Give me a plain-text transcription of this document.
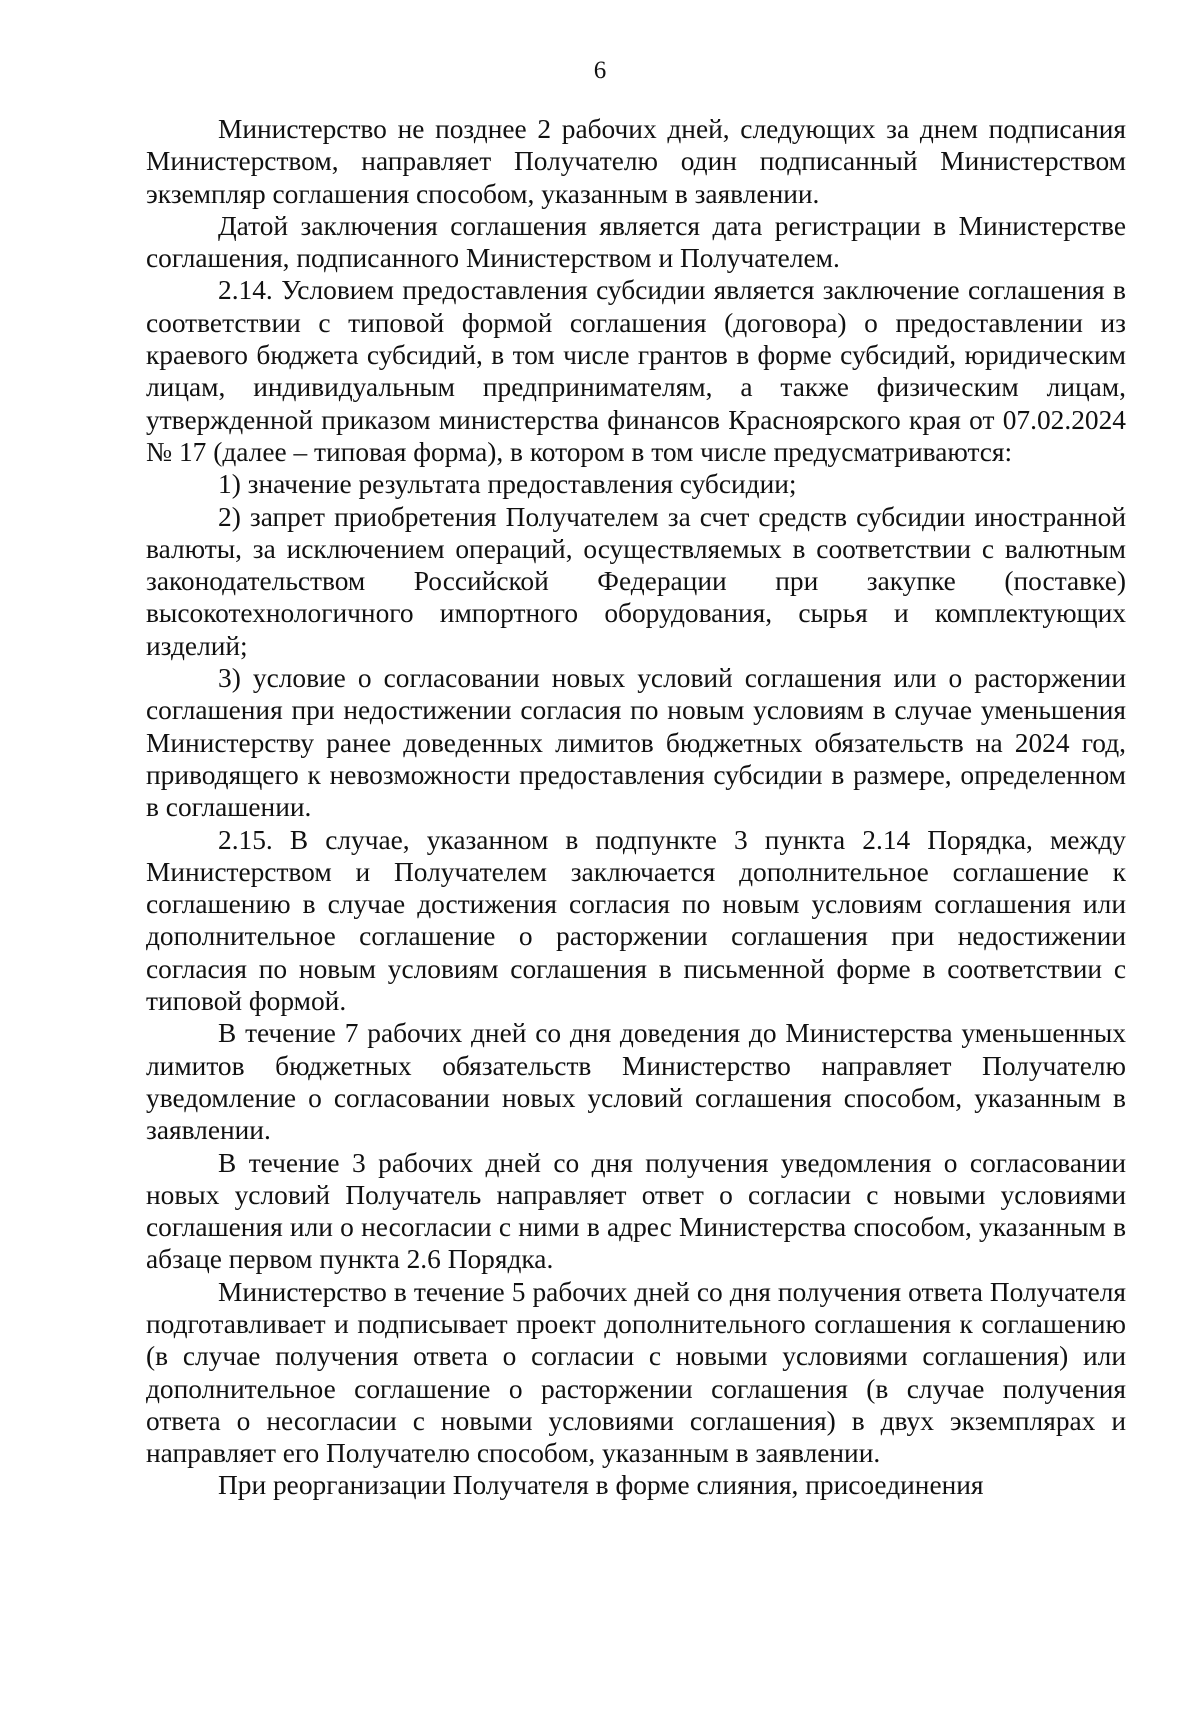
6

Министерство не позднее 2 рабочих дней, следующих за днем подписания Министерством, направляет Получателю один подписанный Министерством экземпляр соглашения способом, указанным в заявлении.

Датой заключения соглашения является дата регистрации в Министерстве соглашения, подписанного Министерством и Получателем.

2.14. Условием предоставления субсидии является заключение соглашения в соответствии с типовой формой соглашения (договора) о предоставлении из краевого бюджета субсидий, в том числе грантов в форме субсидий, юридическим лицам, индивидуальным предпринимателям, а также физическим лицам, утвержденной приказом министерства финансов Красноярского края от 07.02.2024 № 17 (далее – типовая форма), в котором в том числе предусматриваются:

1) значение результата предоставления субсидии;

2) запрет приобретения Получателем за счет средств субсидии иностранной валюты, за исключением операций, осуществляемых в соответствии с валютным законодательством Российской Федерации при закупке (поставке) высокотехнологичного импортного оборудования, сырья и комплектующих изделий;

3) условие о согласовании новых условий соглашения или о расторжении соглашения при недостижении согласия по новым условиям в случае уменьшения Министерству ранее доведенных лимитов бюджетных обязательств на 2024 год, приводящего к невозможности предоставления субсидии в размере, определенном в соглашении.

2.15. В случае, указанном в подпункте 3 пункта 2.14 Порядка, между Министерством и Получателем заключается дополнительное соглашение к соглашению в случае достижения согласия по новым условиям соглашения или дополнительное соглашение о расторжении соглашения при недостижении согласия по новым условиям соглашения в письменной форме в соответствии с типовой формой.

В течение 7 рабочих дней со дня доведения до Министерства уменьшенных лимитов бюджетных обязательств Министерство направляет Получателю уведомление о согласовании новых условий соглашения способом, указанным в заявлении.

В течение 3 рабочих дней со дня получения уведомления о согласовании новых условий Получатель направляет ответ о согласии с новыми условиями соглашения или о несогласии с ними в адрес Министерства способом, указанным в абзаце первом пункта 2.6 Порядка.

Министерство в течение 5 рабочих дней со дня получения ответа Получателя подготавливает и подписывает проект дополнительного соглашения к соглашению (в случае получения ответа о согласии с новыми условиями соглашения) или дополнительное соглашение о расторжении соглашения (в случае получения ответа о несогласии с новыми условиями соглашения) в двух экземплярах и направляет его Получателю способом, указанным в заявлении.

При реорганизации Получателя в форме слияния, присоединения
